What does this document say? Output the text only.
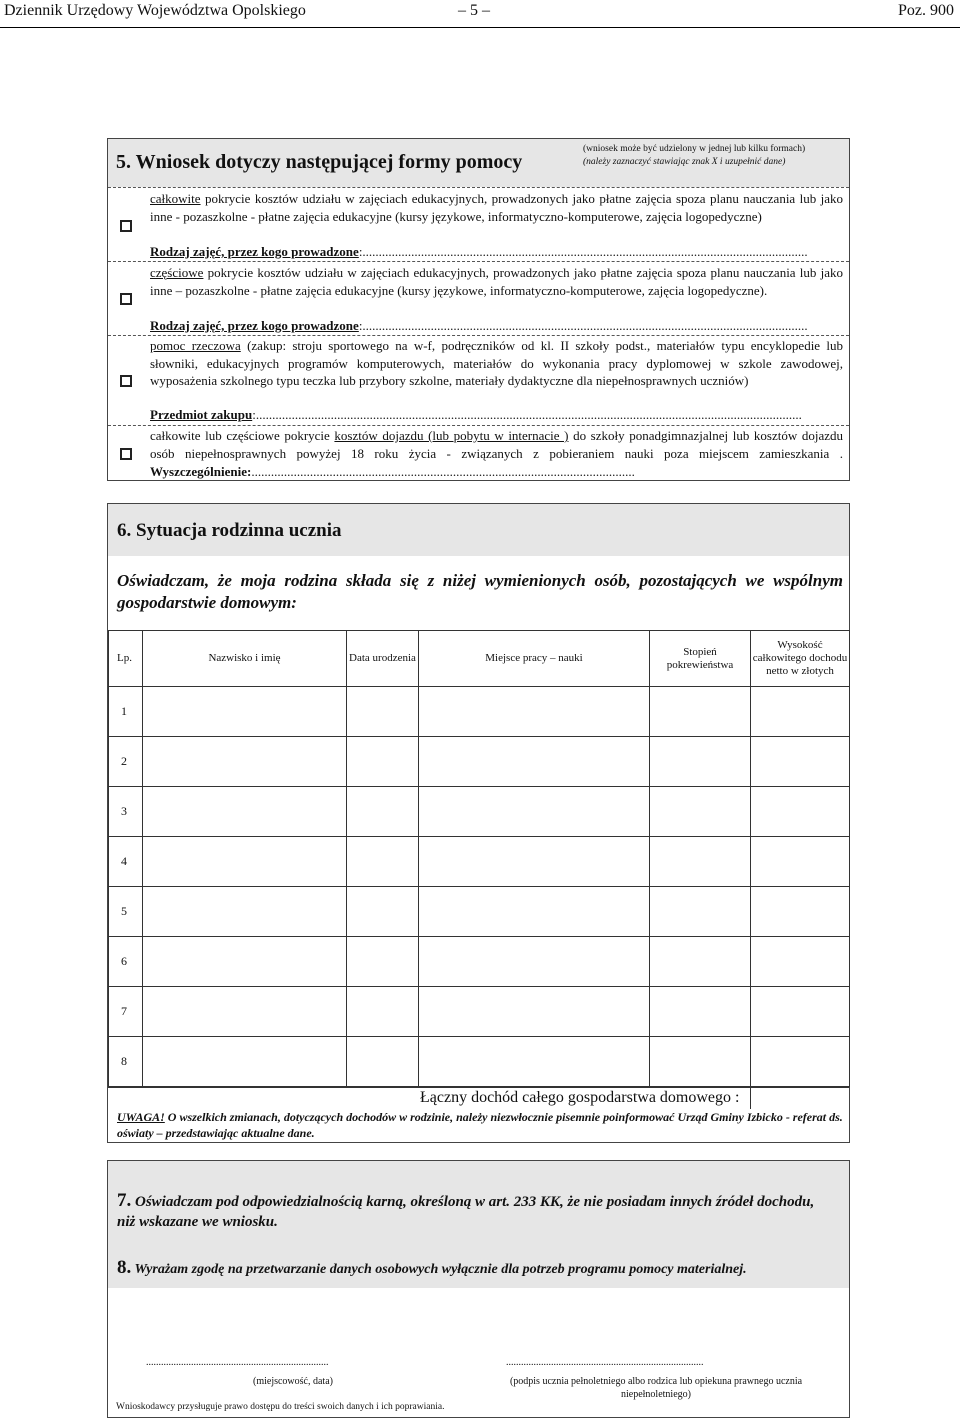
Dziennik Urzędowy Województwa Opolskiego	– 5 –	Poz. 900
5. Wniosek dotyczy następującej formy pomocy
(wniosek może być udzielony w jednej lub kilku formach)
(należy zaznaczyć stawiając znak X i uzupełnić dane)
całkowite pokrycie kosztów udziału w zajęciach edukacyjnych, prowadzonych jako płatne zajęcia spoza planu nauczania lub jako inne - pozaszkolne - płatne zajęcia edukacyjne (kursy językowe, informatyczno-komputerowe, zajęcia logopedyczne)
Rodzaj zajęć, przez kogo prowadzone:.........................................................................................................................................
częściowe pokrycie kosztów udziału w zajęciach edukacyjnych, prowadzonych jako płatne zajęcia spoza planu nauczania lub jako inne – pozaszkolne - płatne zajęcia edukacyjne (kursy językowe, informatyczno-komputerowe, zajęcia logopedyczne).
Rodzaj zajęć, przez kogo prowadzone:.........................................................................................................................................
pomoc rzeczowa (zakup: stroju sportowego na w-f, podręczników od kl. II szkoły podst., materiałów typu encyklopedie lub słowniki, edukacyjnych programów komputerowych, materiałów do wykonania pracy dyplomowej w szkole zawodowej, wyposażenia szkolnego typu teczka lub przybory szkolne, materiały dydaktyczne dla niepełnosprawnych uczniów)
Przedmiot zakupu:........................................................................................................................................................................
całkowite lub częściowe pokrycie kosztów dojazdu (lub pobytu w internacie ) do szkoły ponadgimnazjalnej lub kosztów dojazdu osób niepełnosprawnych powyżej 18 roku życia - związanych z pobieraniem nauki poza miejscem zamieszkania . Wyszczególnienie:......................................................................................................................
6. Sytuacja rodzinna ucznia
Oświadczam, że moja rodzina składa się z niżej wymienionych osób, pozostających we wspólnym gospodarstwie domowym:
Lp.	Nazwisko i imię	Data urodzenia	Miejsce pracy – nauki	Stopień pokrewieństwa	Wysokość całkowitego dochodu netto w złotych
1					
2					
3					
4					
5					
6					
7					
8					
Łączny dochód całego gospodarstwa domowego :
UWAGA! O wszelkich zmianach, dotyczących dochodów w rodzinie, należy niezwłocznie pisemnie poinformować Urząd Gminy Izbicko - referat ds. oświaty – przedstawiając aktualne dane.
7. Oświadczam pod odpowiedzialnością karną, określoną w art. 233 KK, że nie posiadam innych źródeł dochodu, niż wskazane we wniosku.
8. Wyrażam zgodę na przetwarzanie danych osobowych wyłącznie dla potrzeb programu pomocy materialnej.
.........................................................................
(miejscowość, data)
...............................................................................
(podpis ucznia pełnoletniego albo rodzica lub opiekuna prawnego ucznia niepełnoletniego)
Wnioskodawcy przysługuje prawo dostępu do treści swoich danych i ich poprawiania.
